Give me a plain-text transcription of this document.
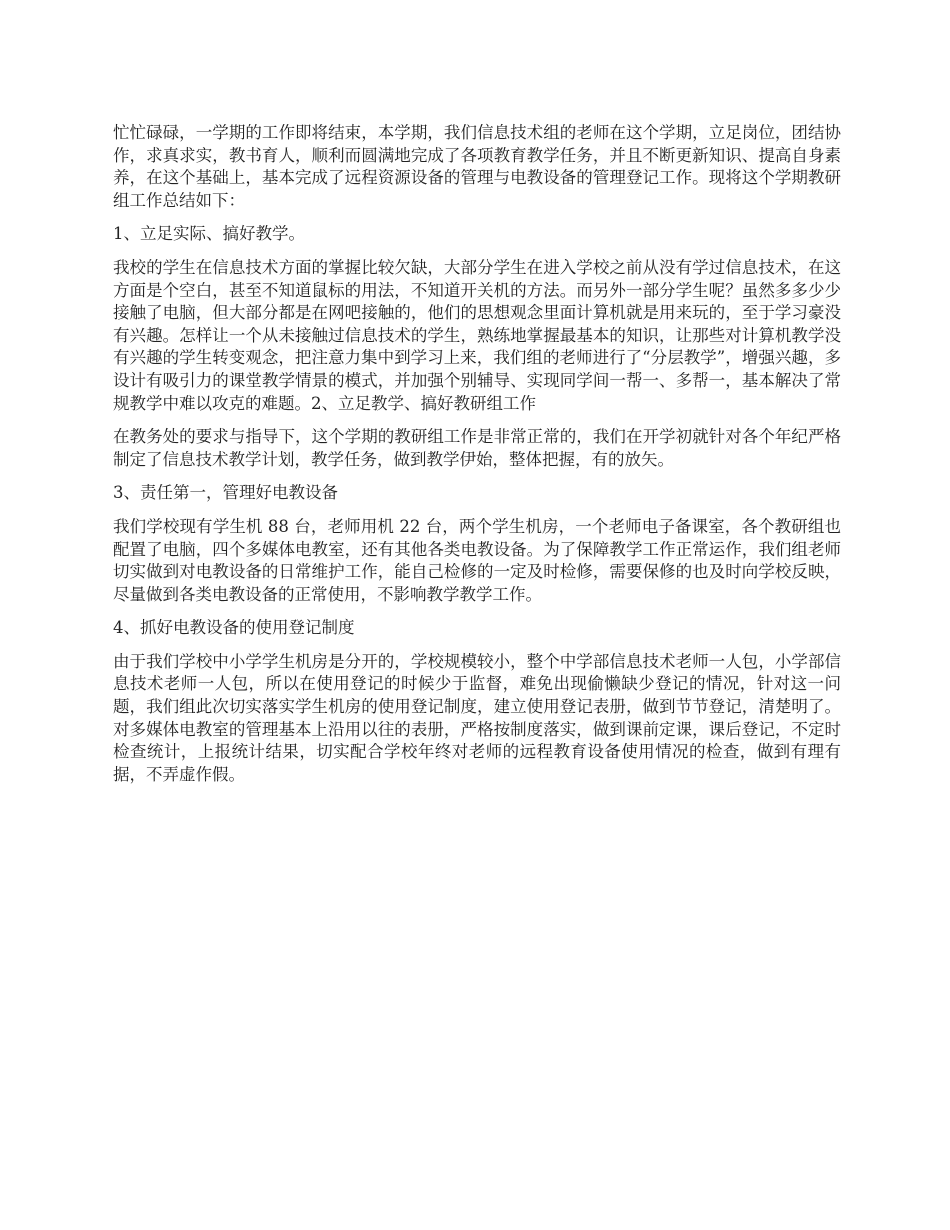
忙忙碌碌，一学期的工作即将结束，本学期，我们信息技术组的老师在这个学期，立足岗位，团结协作，求真求实，教书育人，顺利而圆满地完成了各项教育教学任务，并且不断更新知识、提高自身素养，在这个基础上，基本完成了远程资源设备的管理与电教设备的管理登记工作。现将这个学期教研组工作总结如下：

1、立足实际、搞好教学。

我校的学生在信息技术方面的掌握比较欠缺，大部分学生在进入学校之前从没有学过信息技术，在这方面是个空白，甚至不知道鼠标的用法，不知道开关机的方法。而另外一部分学生呢？虽然多多少少接触了电脑，但大部分都是在网吧接触的，他们的思想观念里面计算机就是用来玩的，至于学习豪没有兴趣。怎样让一个从未接触过信息技术的学生，熟练地掌握最基本的知识，让那些对计算机教学没有兴趣的学生转变观念，把注意力集中到学习上来，我们组的老师进行了“分层教学”，增强兴趣，多设计有吸引力的课堂教学情景的模式，并加强个别辅导、实现同学间一帮一、多帮一，基本解决了常规教学中难以攻克的难题。2、立足教学、搞好教研组工作

在教务处的要求与指导下，这个学期的教研组工作是非常正常的，我们在开学初就针对各个年纪严格制定了信息技术教学计划，教学任务，做到教学伊始，整体把握，有的放矢。

3、责任第一，管理好电教设备

我们学校现有学生机 88 台，老师用机 22 台，两个学生机房，一个老师电子备课室，各个教研组也配置了电脑，四个多媒体电教室，还有其他各类电教设备。为了保障教学工作正常运作，我们组老师切实做到对电教设备的日常维护工作，能自己检修的一定及时检修，需要保修的也及时向学校反映，尽量做到各类电教设备的正常使用，不影响教学教学工作。

4、抓好电教设备的使用登记制度

由于我们学校中小学学生机房是分开的，学校规模较小，整个中学部信息技术老师一人包，小学部信息技术老师一人包，所以在使用登记的时候少于监督，难免出现偷懒缺少登记的情况，针对这一问题，我们组此次切实落实学生机房的使用登记制度，建立使用登记表册，做到节节登记，清楚明了。对多媒体电教室的管理基本上沿用以往的表册，严格按制度落实，做到课前定课，课后登记，不定时检查统计，上报统计结果，切实配合学校年终对老师的远程教育设备使用情况的检查，做到有理有据，不弄虚作假。
